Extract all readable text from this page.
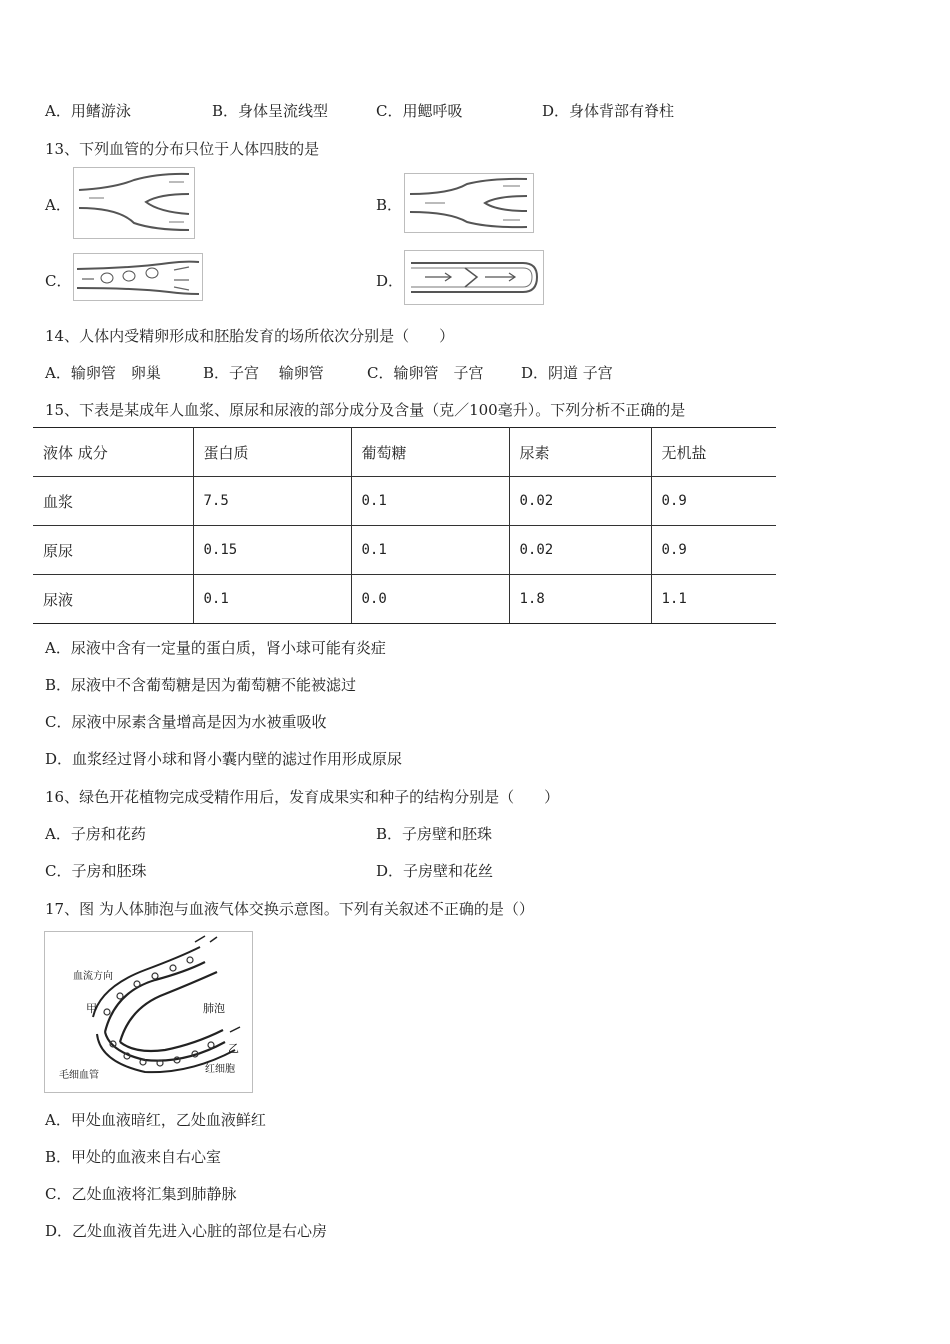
A．用鳍游泳	B．身体呈流线型	C．用鳃呼吸	D．身体背部有脊柱
13、下列血管的分布只位于人体四肢的是
A．	B．
C．	D．
14、人体内受精卵形成和胚胎发育的场所依次分别是（　　）
A．输卵管　卵巢	B．子宫　 输卵管	C．输卵管　子宫	D．阴道 子宫
15、下表是某成年人血浆、原尿和尿液的部分成分及含量（克／100毫升）。下列分析不正确的是
液体 成分	蛋白质	葡萄糖	尿素	无机盐
血浆	7.5	0.1	0.02	0.9
原尿	0.15	0.1	0.02	0.9
尿液	0.1	0.0	1.8	1.1
A．尿液中含有一定量的蛋白质，肾小球可能有炎症
B．尿液中不含葡萄糖是因为葡萄糖不能被滤过
C．尿液中尿素含量增高是因为水被重吸收
D．血浆经过肾小球和肾小囊内壁的滤过作用形成原尿
16、绿色开花植物完成受精作用后，发育成果实和种子的结构分别是（　　）
A．子房和花药	B．子房壁和胚珠
C．子房和胚珠	D．子房壁和花丝
17、图 为人体肺泡与血液气体交换示意图。下列有关叙述不正确的是（）
血流方向
甲	肺泡
乙
红细胞
毛细血管
A．甲处血液暗红，乙处血液鲜红
B．甲处的血液来自右心室
C．乙处血液将汇集到肺静脉
D．乙处血液首先进入心脏的部位是右心房
